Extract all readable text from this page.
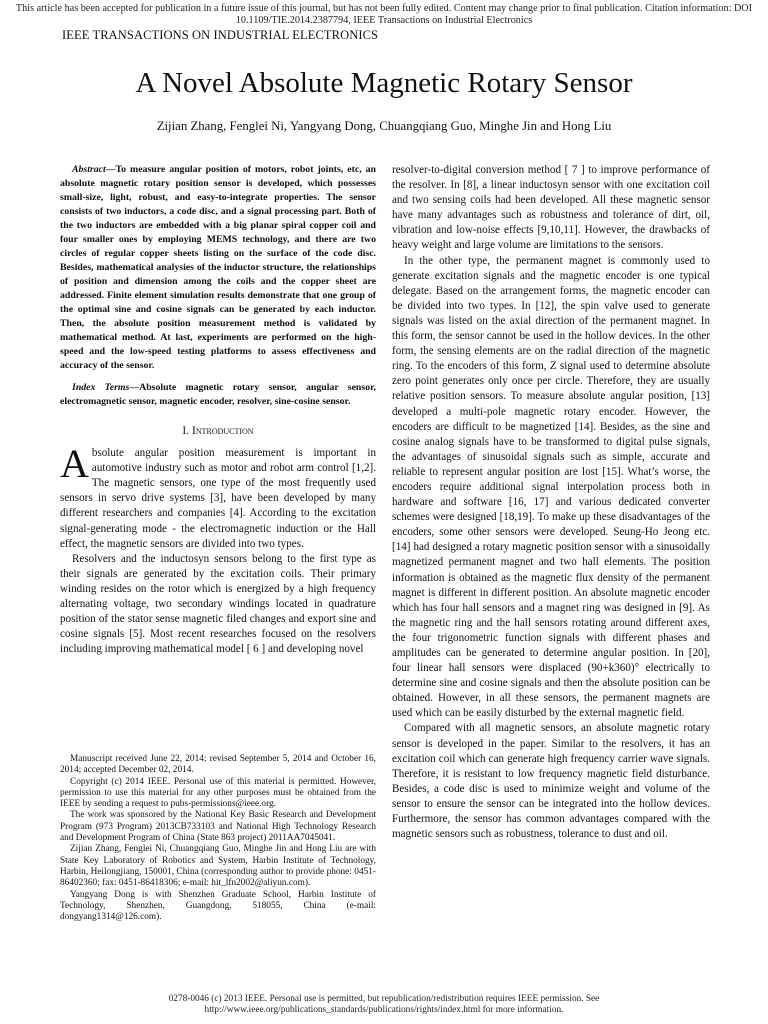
This article has been accepted for publication in a future issue of this journal, but has not been fully edited. Content may change prior to final publication. Citation information: DOI
10.1109/TIE.2014.2387794, IEEE Transactions on Industrial Electronics
IEEE TRANSACTIONS ON INDUSTRIAL ELECTRONICS
A Novel Absolute Magnetic Rotary Sensor
Zijian Zhang, Fenglei Ni, Yangyang Dong, Chuangqiang Guo, Minghe Jin and Hong Liu

Abstract—To measure angular position of motors, robot joints, etc, an absolute magnetic rotary position sensor is developed, which possesses small-size, light, robust, and easy-to-integrate properties. The sensor consists of two inductors, a code disc, and a signal processing part. Both of the two inductors are embedded with a big planar spiral copper coil and four smaller ones by employing MEMS technology, and there are two circles of regular copper sheets listing on the surface of the code disc. Besides, mathematical analysies of the inductor structure, the relationships of position and dimension among the coils and the copper sheet are addressed. Finite element simulation results demonstrate that one group of the optimal sine and cosine signals can be generated by each inductor. Then, the absolute position measurement method is validated by mathematical method. At last, experiments are performed on the high-speed and the low-speed testing platforms to assess effectiveness and accuracy of the sensor.

Index Terms—Absolute magnetic rotary sensor, angular sensor, electromagnetic sensor, magnetic encoder, resolver, sine-cosine sensor.

I. Introduction

Absolute angular position measurement is important in automotive industry such as motor and robot arm control [1,2]. The magnetic sensors, one type of the most frequently used sensors in servo drive systems [3], have been developed by many different researchers and companies [4]. According to the excitation signal-generating mode - the electromagnetic induction or the Hall effect, the magnetic sensors are divided into two types.

Resolvers and the inductosyn sensors belong to the first type as their signals are generated by the excitation coils. Their primary winding resides on the rotor which is energized by a high frequency alternating voltage, two secondary windings located in quadrature position of the stator sense magnetic filed changes and export sine and cosine signals [5]. Most recent researches focused on the resolvers including improving mathematical model [ 6 ] and developing novel

Manuscript received June 22, 2014; revised September 5, 2014 and October 16, 2014; accepted December 02, 2014.

Copyright (c) 2014 IEEE. Personal use of this material is permitted. However, permission to use this material for any other purposes must be obtained from the IEEE by sending a request to pubs-permissions@ieee.org.

The work was sponsored by the National Key Basic Research and Development Program (973 Program) 2013CB733103 and National High Technology Research and Development Program of China (State 863 project) 2011AA7045041.

Zijian Zhang, Fenglei Ni, Chuangqiang Guo, Minghe Jin and Hong Liu are with State Key Laboratory of Robotics and System, Harbin Institute of Technology, Harbin, Heilongjiang, 150001, China (corresponding author to provide phone: 0451-86402360; fax: 0451-86418306; e-mail: hit_lfn2002@aliyun.com).

Yangyang Dong is with Shenzhen Graduate School, Harbin Institute of Technology, Shenzhen, Guangdong, 518055, China (e-mail: dongyang1314@126.com).

resolver-to-digital conversion method [ 7 ] to improve performance of the resolver. In [8], a linear inductosyn sensor with one excitation coil and two sensing coils had been developed. All these magnetic sensor have many advantages such as robustness and tolerance of dirt, oil, vibration and low-noise effects [9,10,11]. However, the drawbacks of heavy weight and large volume are limitations to the sensors.

In the other type, the permanent magnet is commonly used to generate excitation signals and the magnetic encoder is one typical delegate. Based on the arrangement forms, the magnetic encoder can be divided into two types. In [12], the spin valve used to generate signals was listed on the axial direction of the permanent magnet. In this form, the sensor cannot be used in the hollow devices. In the other form, the sensing elements are on the radial direction of the magnetic ring. To the encoders of this form, Z signal used to determine absolute zero point generates only once per circle. Therefore, they are usually relative position sensors. To measure absolute angular position, [13] developed a multi-pole magnetic rotary encoder. However, the encoders are difficult to be magnetized [14]. Besides, as the sine and cosine analog signals have to be transformed to digital pulse signals, the advantages of sinusoidal signals such as simple, accurate and reliable to represent angular position are lost [15]. What’s worse, the encoders require additional signal interpolation process both in hardware and software [16, 17] and various dedicated converter schemes were designed [18,19]. To make up these disadvantages of the encoders, some other sensors were developed. Seung-Ho Jeong etc. [14] had designed a rotary magnetic position sensor with a sinusoidally magnetized permanent magnet and two hall elements. The position information is obtained as the magnetic flux density of the permanent magnet is different in different position. An absolute magnetic encoder which has four hall sensors and a magnet ring was designed in [9]. As the magnetic ring and the hall sensors rotating around different axes, the four trigonometric function signals with different phases and amplitudes can be generated to determine angular position. In [20], four linear hall sensors were displaced (90+k360)° electrically to determine sine and cosine signals and then the absolute position can be obtained. However, in all these sensors, the permanent magnets are used which can be easily disturbed by the external magnetic field.

Compared with all magnetic sensors, an absolute magnetic rotary sensor is developed in the paper. Similar to the resolvers, it has an excitation coil which can generate high frequency carrier wave signals. Therefore, it is resistant to low frequency magnetic field disturbance. Besides, a code disc is used to minimize weight and volume of the sensor to ensure the sensor can be integrated into the hollow devices. Furthermore, the sensor has common advantages compared with the magnetic sensors such as robustness, tolerance to dust and oil.

0278-0046 (c) 2013 IEEE. Personal use is permitted, but republication/redistribution requires IEEE permission. See
http://www.ieee.org/publications_standards/publications/rights/index.html for more information.
